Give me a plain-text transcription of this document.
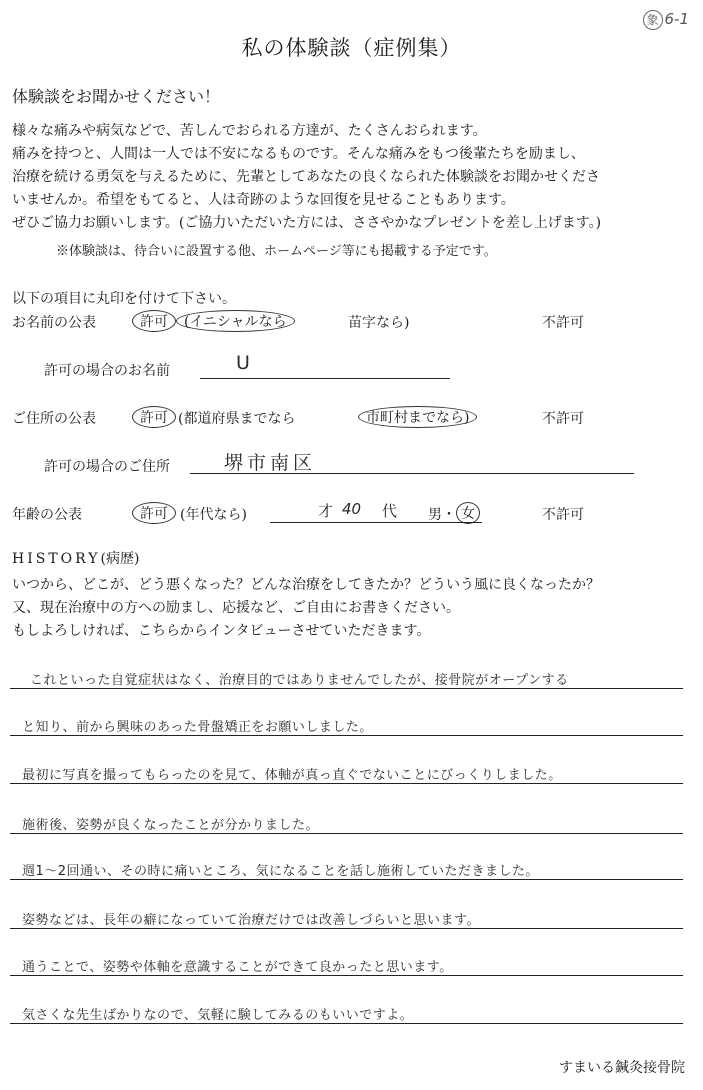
私の体験談（症例集）
象 6-1
体験談をお聞かせください！
様々な痛みや病気などで、苦しんでおられる方達が、たくさんおられます。
痛みを持つと、人間は一人では不安になるものです。そんな痛みをもつ後輩たちを励まし、
治療を続ける勇気を与えるために、先輩としてあなたの良くなられた体験談をお聞かせくださ
いませんか。希望をもてると、人は奇跡のような回復を見せることもあります。
ぜひご協力お願いします。(ご協力いただいた方には、ささやかなプレゼントを差し上げます。)
※体験談は、待合いに設置する他、ホームページ等にも掲載する予定です。
以下の項目に丸印を付けて下さい。
お名前の公表	許可 (イニシャルなら	苗字なら)	不許可
許可の場合のお名前	U
ご住所の公表	許可 (都道府県までなら	市町村までなら)	不許可
許可の場合のご住所	堺市南区
年齢の公表	許可 (年代なら)	才 40 代 男・ 女	不許可
HISTORY(病歴)
いつから、どこが、どう悪くなった？どんな治療をしてきたか？どういう風に良くなったか？
又、現在治療中の方への励まし、応援など、ご自由にお書きください。
もしよろしければ、こちらからインタビューさせていただきます。
これといった自覚症状はなく、治療目的ではありませんでしたが、接骨院がオープンする
と知り、前から興味のあった骨盤矯正をお願いしました。
最初に写真を撮ってもらったのを見て、体軸が真っ直ぐでないことにびっくりしました。
施術後、姿勢が良くなったことが分かりました。
週1～2回通い、その時に痛いところ、気になることを話し施術していただきました。
姿勢などは、長年の癖になっていて治療だけでは改善しづらいと思います。
通うことで、姿勢や体軸を意識することができて良かったと思います。
気さくな先生ばかりなので、気軽に験してみるのもいいですよ。
すまいる鍼灸接骨院
